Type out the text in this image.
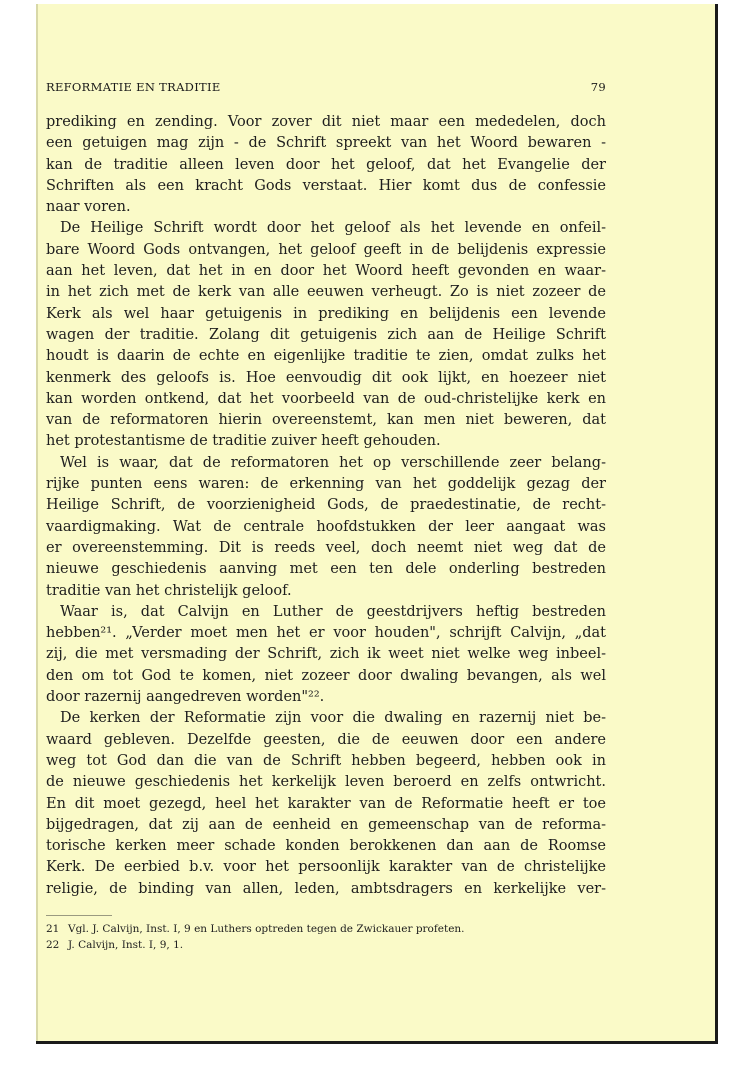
REFORMATIE EN TRADITIE	79
prediking en zending. Voor zover dit niet maar een mededelen, doch
een getuigen mag zijn - de Schrift spreekt van het Woord bewaren -
kan de traditie alleen leven door het geloof, dat het Evangelie der
Schriften als een kracht Gods verstaat. Hier komt dus de confessie
naar voren.
De Heilige Schrift wordt door het geloof als het levende en onfeil-
bare Woord Gods ontvangen, het geloof geeft in de belijdenis expressie
aan het leven, dat het in en door het Woord heeft gevonden en waar-
in het zich met de kerk van alle eeuwen verheugt. Zo is niet zozeer de
Kerk als wel haar getuigenis in prediking en belijdenis een levende
wagen der traditie. Zolang dit getuigenis zich aan de Heilige Schrift
houdt is daarin de echte en eigenlijke traditie te zien, omdat zulks het
kenmerk des geloofs is. Hoe eenvoudig dit ook lijkt, en hoezeer niet
kan worden ontkend, dat het voorbeeld van de oud-christelijke kerk en
van de reformatoren hierin overeenstemt, kan men niet beweren, dat
het protestantisme de traditie zuiver heeft gehouden.
Wel is waar, dat de reformatoren het op verschillende zeer belang-
rijke punten eens waren: de erkenning van het goddelijk gezag der
Heilige Schrift, de voorzienigheid Gods, de praedestinatie, de recht-
vaardigmaking. Wat de centrale hoofdstukken der leer aangaat was
er overeenstemming. Dit is reeds veel, doch neemt niet weg dat de
nieuwe geschiedenis aanving met een ten dele onderling bestreden
traditie van het christelijk geloof.
Waar is, dat Calvijn en Luther de geestdrijvers heftig bestreden
hebben²¹. „Verder moet men het er voor houden", schrijft Calvijn, „dat
zij, die met versmading der Schrift, zich ik weet niet welke weg inbeel-
den om tot God te komen, niet zozeer door dwaling bevangen, als wel
door razernij aangedreven worden"²².
De kerken der Reformatie zijn voor die dwaling en razernij niet be-
waard gebleven. Dezelfde geesten, die de eeuwen door een andere
weg tot God dan die van de Schrift hebben begeerd, hebben ook in
de nieuwe geschiedenis het kerkelijk leven beroerd en zelfs ontwricht.
En dit moet gezegd, heel het karakter van de Reformatie heeft er toe
bijgedragen, dat zij aan de eenheid en gemeenschap van de reforma-
torische kerken meer schade konden berokkenen dan aan de Roomse
Kerk. De eerbied b.v. voor het persoonlijk karakter van de christelijke
religie, de binding van allen, leden, ambtsdragers en kerkelijke ver-
21 Vgl. J. Calvijn, Inst. I, 9 en Luthers optreden tegen de Zwickauer profeten.
22 J. Calvijn, Inst. I, 9, 1.
